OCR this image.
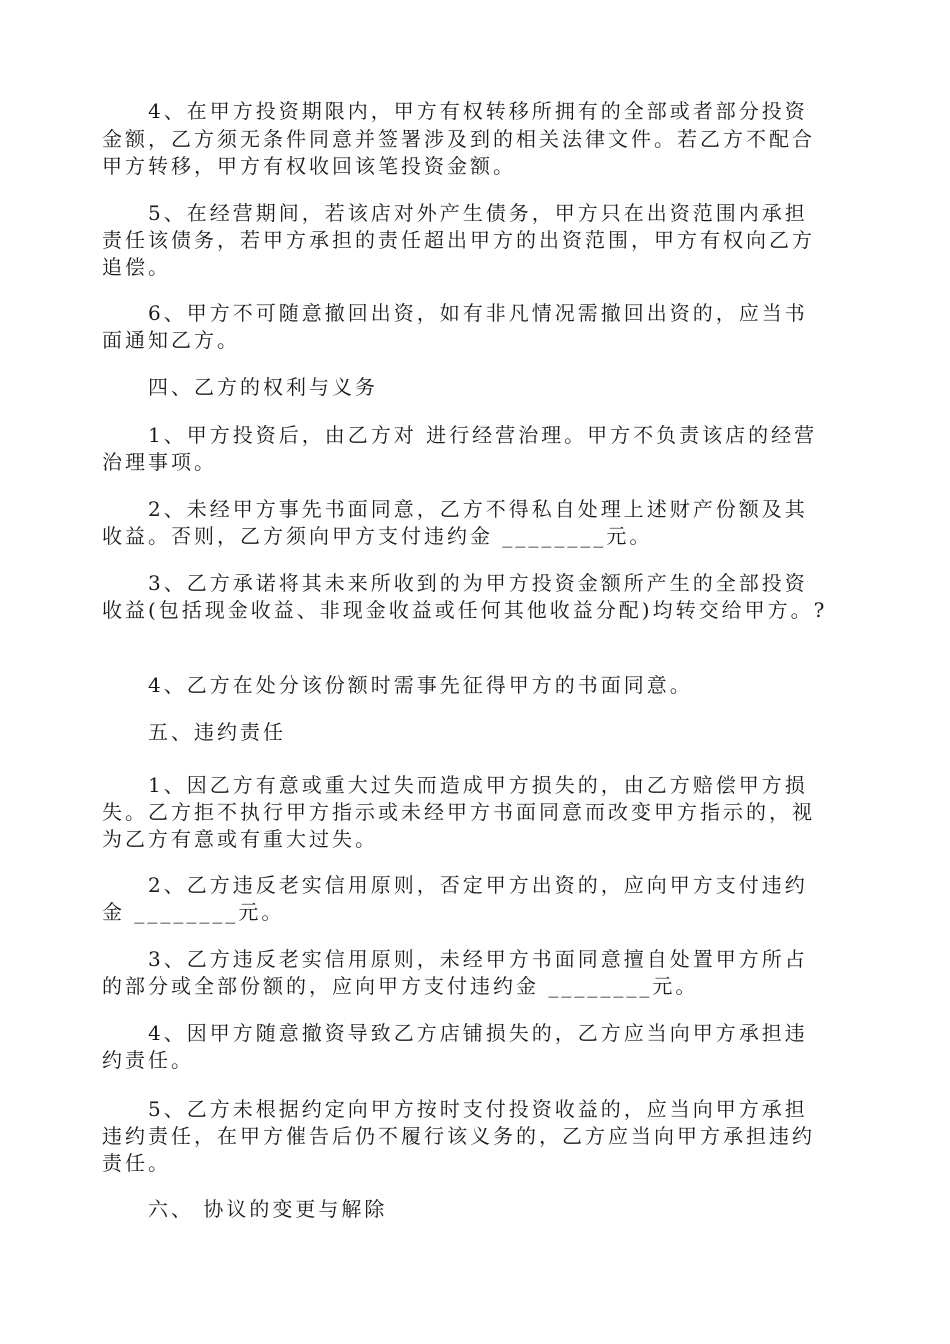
4、在甲方投资期限内，甲方有权转移所拥有的全部或者部分投资
金额，乙方须无条件同意并签署涉及到的相关法律文件。若乙方不配合
甲方转移，甲方有权收回该笔投资金额。
5、在经营期间，若该店对外产生债务，甲方只在出资范围内承担
责任该债务，若甲方承担的责任超出甲方的出资范围，甲方有权向乙方
追偿。
6、甲方不可随意撤回出资，如有非凡情况需撤回出资的，应当书
面通知乙方。
四、乙方的权利与义务
1、甲方投资后，由乙方对 进行经营治理。甲方不负责该店的经营
治理事项。
2、未经甲方事先书面同意，乙方不得私自处理上述财产份额及其
收益。否则，乙方须向甲方支付违约金 ________元。
3、乙方承诺将其未来所收到的为甲方投资金额所产生的全部投资
收益(包括现金收益、非现金收益或任何其他收益分配)均转交给甲方。?
4、乙方在处分该份额时需事先征得甲方的书面同意。
五、违约责任
1、因乙方有意或重大过失而造成甲方损失的，由乙方赔偿甲方损
失。乙方拒不执行甲方指示或未经甲方书面同意而改变甲方指示的，视
为乙方有意或有重大过失。
2、乙方违反老实信用原则，否定甲方出资的，应向甲方支付违约
金 ________元。
3、乙方违反老实信用原则，未经甲方书面同意擅自处置甲方所占
的部分或全部份额的，应向甲方支付违约金 ________元。
4、因甲方随意撤资导致乙方店铺损失的，乙方应当向甲方承担违
约责任。
5、乙方未根据约定向甲方按时支付投资收益的，应当向甲方承担
违约责任，在甲方催告后仍不履行该义务的，乙方应当向甲方承担违约
责任。
六、 协议的变更与解除
